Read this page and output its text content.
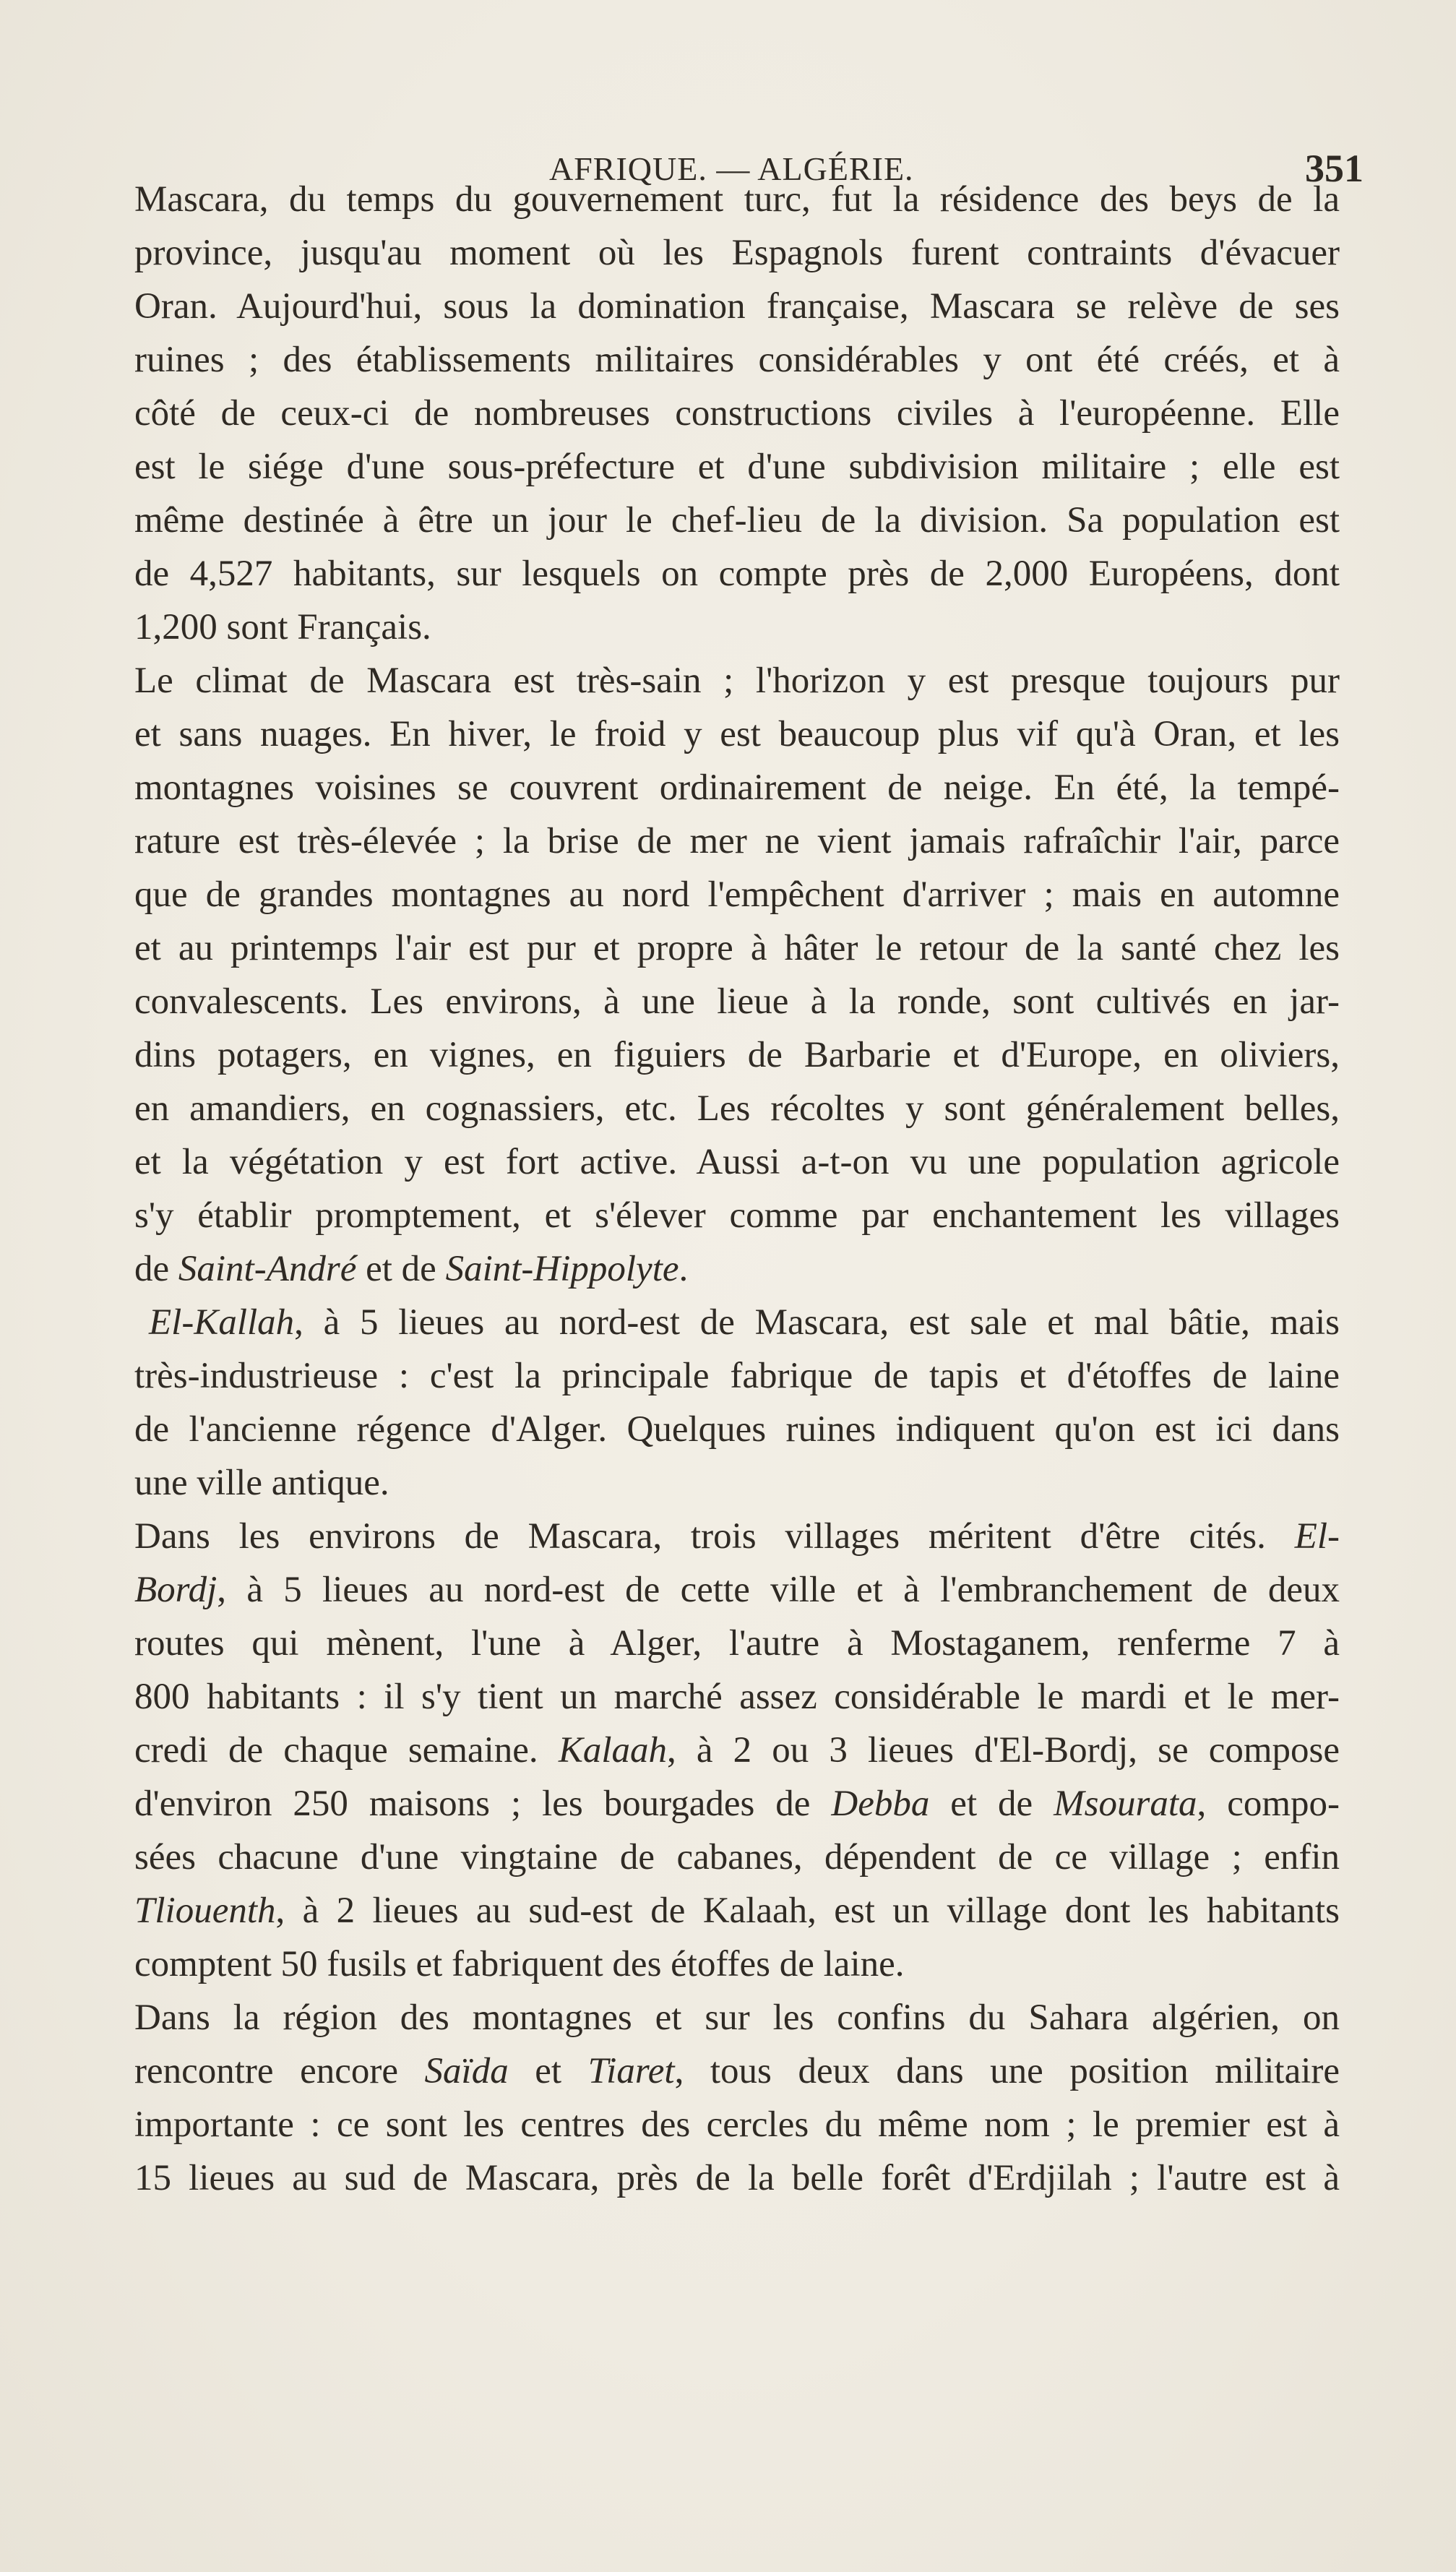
AFRIQUE. — ALGÉRIE.	351
Mascara, du temps du gouvernement turc, fut la résidence des beys de la
province, jusqu'au moment où les Espagnols furent contraints d'évacuer
Oran. Aujourd'hui, sous la domination française, Mascara se relève de ses
ruines ; des établissements militaires considérables y ont été créés, et à
côté de ceux-ci de nombreuses constructions civiles à l'européenne. Elle
est le siége d'une sous-préfecture et d'une subdivision militaire ; elle est
même destinée à être un jour le chef-lieu de la division. Sa population est
de 4,527 habitants, sur lesquels on compte près de 2,000 Européens, dont
1,200 sont Français.
Le climat de Mascara est très-sain ; l'horizon y est presque toujours pur
et sans nuages. En hiver, le froid y est beaucoup plus vif qu'à Oran, et les
montagnes voisines se couvrent ordinairement de neige. En été, la tempé-
rature est très-élevée ; la brise de mer ne vient jamais rafraîchir l'air, parce
que de grandes montagnes au nord l'empêchent d'arriver ; mais en automne
et au printemps l'air est pur et propre à hâter le retour de la santé chez les
convalescents. Les environs, à une lieue à la ronde, sont cultivés en jar-
dins potagers, en vignes, en figuiers de Barbarie et d'Europe, en oliviers,
en amandiers, en cognassiers, etc. Les récoltes y sont généralement belles,
et la végétation y est fort active. Aussi a-t-on vu une population agricole
s'y établir promptement, et s'élever comme par enchantement les villages
de Saint-André et de Saint-Hippolyte.
El-Kallah, à 5 lieues au nord-est de Mascara, est sale et mal bâtie, mais
très-industrieuse : c'est la principale fabrique de tapis et d'étoffes de laine
de l'ancienne régence d'Alger. Quelques ruines indiquent qu'on est ici dans
une ville antique.
Dans les environs de Mascara, trois villages méritent d'être cités. El-
Bordj, à 5 lieues au nord-est de cette ville et à l'embranchement de deux
routes qui mènent, l'une à Alger, l'autre à Mostaganem, renferme 7 à
800 habitants : il s'y tient un marché assez considérable le mardi et le mer-
credi de chaque semaine. Kalaah, à 2 ou 3 lieues d'El-Bordj, se compose
d'environ 250 maisons ; les bourgades de Debba et de Msourata, compo-
sées chacune d'une vingtaine de cabanes, dépendent de ce village ; enfin
Tliouenth, à 2 lieues au sud-est de Kalaah, est un village dont les habitants
comptent 50 fusils et fabriquent des étoffes de laine.
Dans la région des montagnes et sur les confins du Sahara algérien, on
rencontre encore Saïda et Tiaret, tous deux dans une position militaire
importante : ce sont les centres des cercles du même nom ; le premier est à
15 lieues au sud de Mascara, près de la belle forêt d'Erdjilah ; l'autre est à
